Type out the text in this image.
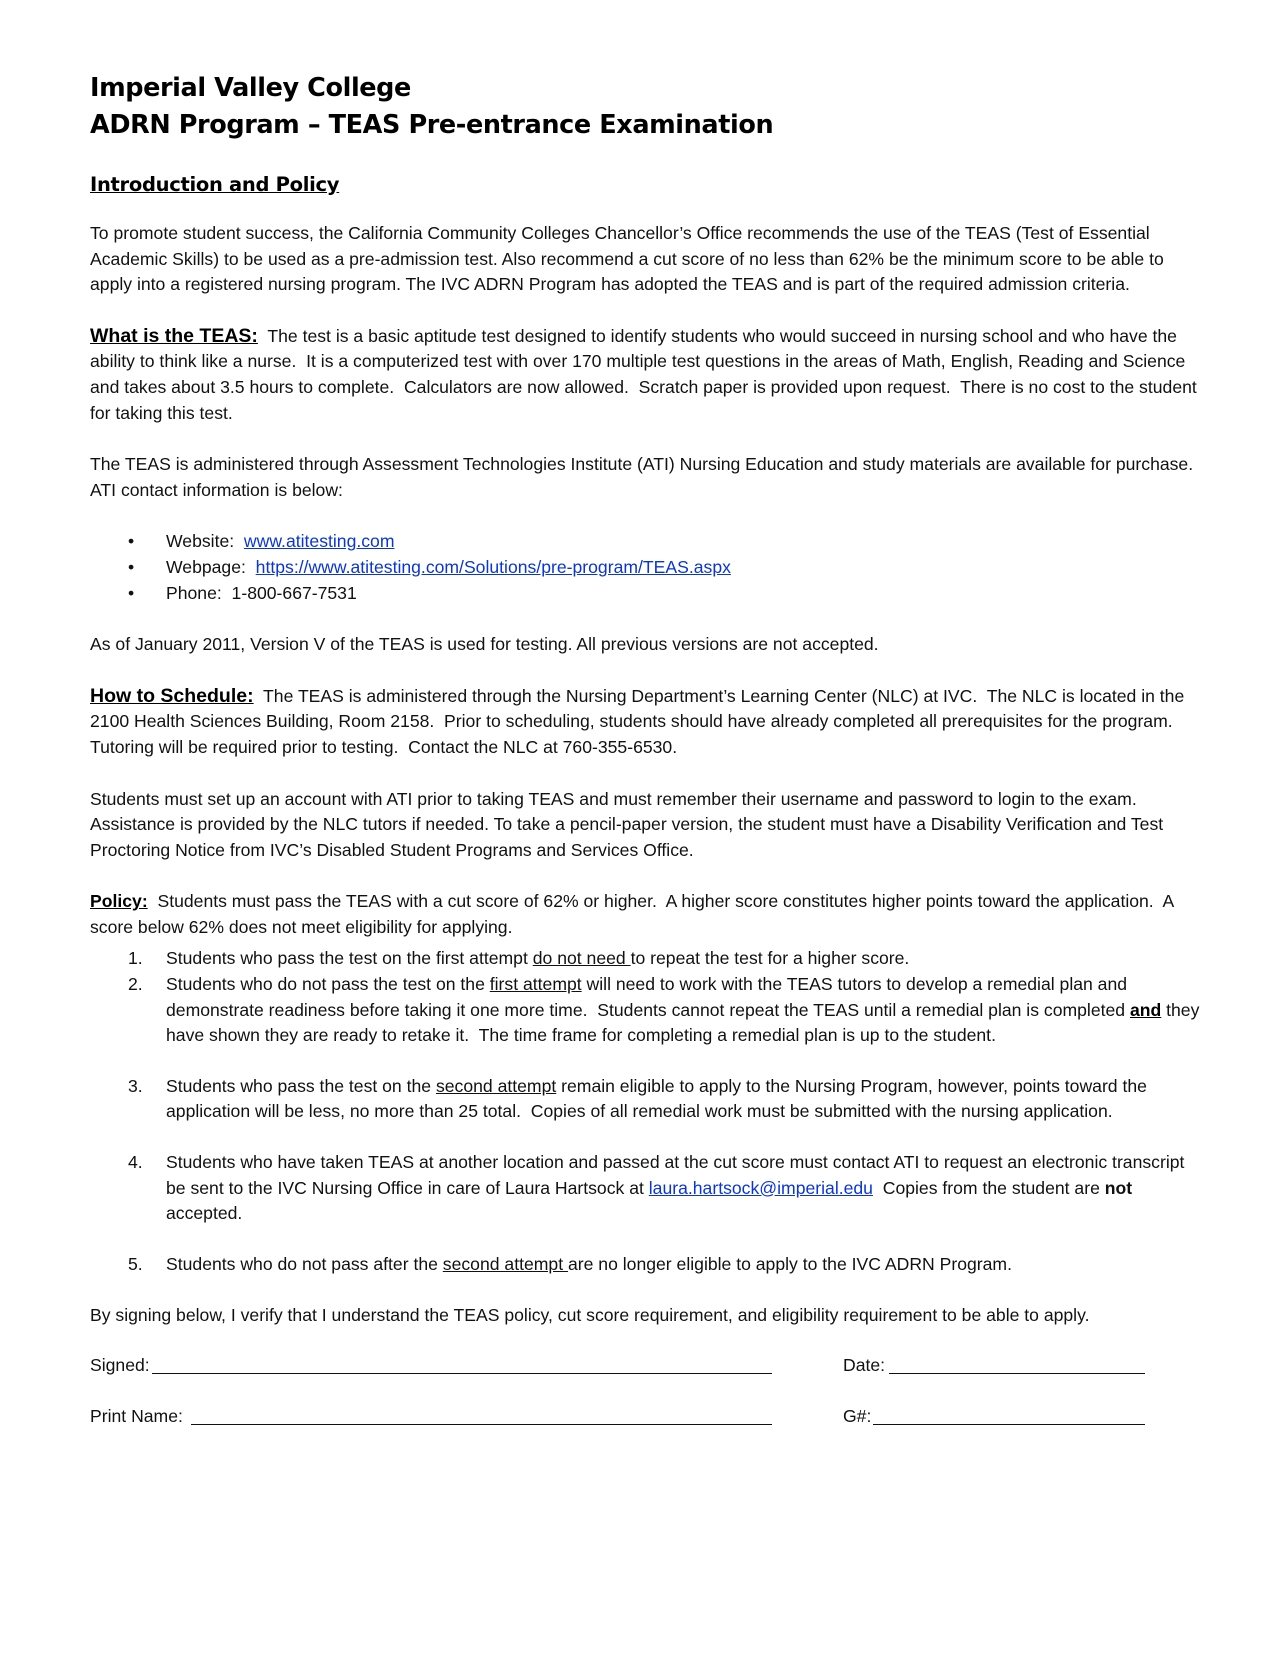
Imperial Valley College
ADRN Program – TEAS Pre-entrance Examination
Introduction and Policy

To promote student success, the California Community Colleges Chancellor’s Office recommends the use of the TEAS (Test of Essential Academic Skills) to be used as a pre-admission test. Also recommend a cut score of no less than 62% be the minimum score to be able to apply into a registered nursing program. The IVC ADRN Program has adopted the TEAS and is part of the required admission criteria.

What is the TEAS:  The test is a basic aptitude test designed to identify students who would succeed in nursing school and who have the ability to think like a nurse.  It is a computerized test with over 170 multiple test questions in the areas of Math, English, Reading and Science and takes about 3.5 hours to complete.  Calculators are now allowed.  Scratch paper is provided upon request.  There is no cost to the student for taking this test.

The TEAS is administered through Assessment Technologies Institute (ATI) Nursing Education and study materials are available for purchase. ATI contact information is below:

• Website:  www.atitesting.com
• Webpage:  https://www.atitesting.com/Solutions/pre-program/TEAS.aspx
• Phone:  1-800-667-7531

As of January 2011, Version V of the TEAS is used for testing. All previous versions are not accepted.

How to Schedule:  The TEAS is administered through the Nursing Department’s Learning Center (NLC) at IVC.  The NLC is located in the 2100 Health Sciences Building, Room 2158.  Prior to scheduling, students should have already completed all prerequisites for the program.  Tutoring will be required prior to testing.  Contact the NLC at 760-355-6530.

Students must set up an account with ATI prior to taking TEAS and must remember their username and password to login to the exam. Assistance is provided by the NLC tutors if needed. To take a pencil-paper version, the student must have a Disability Verification and Test Proctoring Notice from IVC’s Disabled Student Programs and Services Office.

Policy:  Students must pass the TEAS with a cut score of 62% or higher.  A higher score constitutes higher points toward the application.  A score below 62% does not meet eligibility for applying.

1. Students who pass the test on the first attempt do not need to repeat the test for a higher score.
2. Students who do not pass the test on the first attempt will need to work with the TEAS tutors to develop a remedial plan and demonstrate readiness before taking it one more time.  Students cannot repeat the TEAS until a remedial plan is completed and they have shown they are ready to retake it.  The time frame for completing a remedial plan is up to the student.
3. Students who pass the test on the second attempt remain eligible to apply to the Nursing Program, however, points toward the application will be less, no more than 25 total.  Copies of all remedial work must be submitted with the nursing application.
4. Students who have taken TEAS at another location and passed at the cut score must contact ATI to request an electronic transcript be sent to the IVC Nursing Office in care of Laura Hartsock at laura.hartsock@imperial.edu  Copies from the student are not accepted.
5. Students who do not pass after the second attempt are no longer eligible to apply to the IVC ADRN Program.

By signing below, I verify that I understand the TEAS policy, cut score requirement, and eligibility requirement to be able to apply.

Signed:	Date:
Print Name:	G#:
